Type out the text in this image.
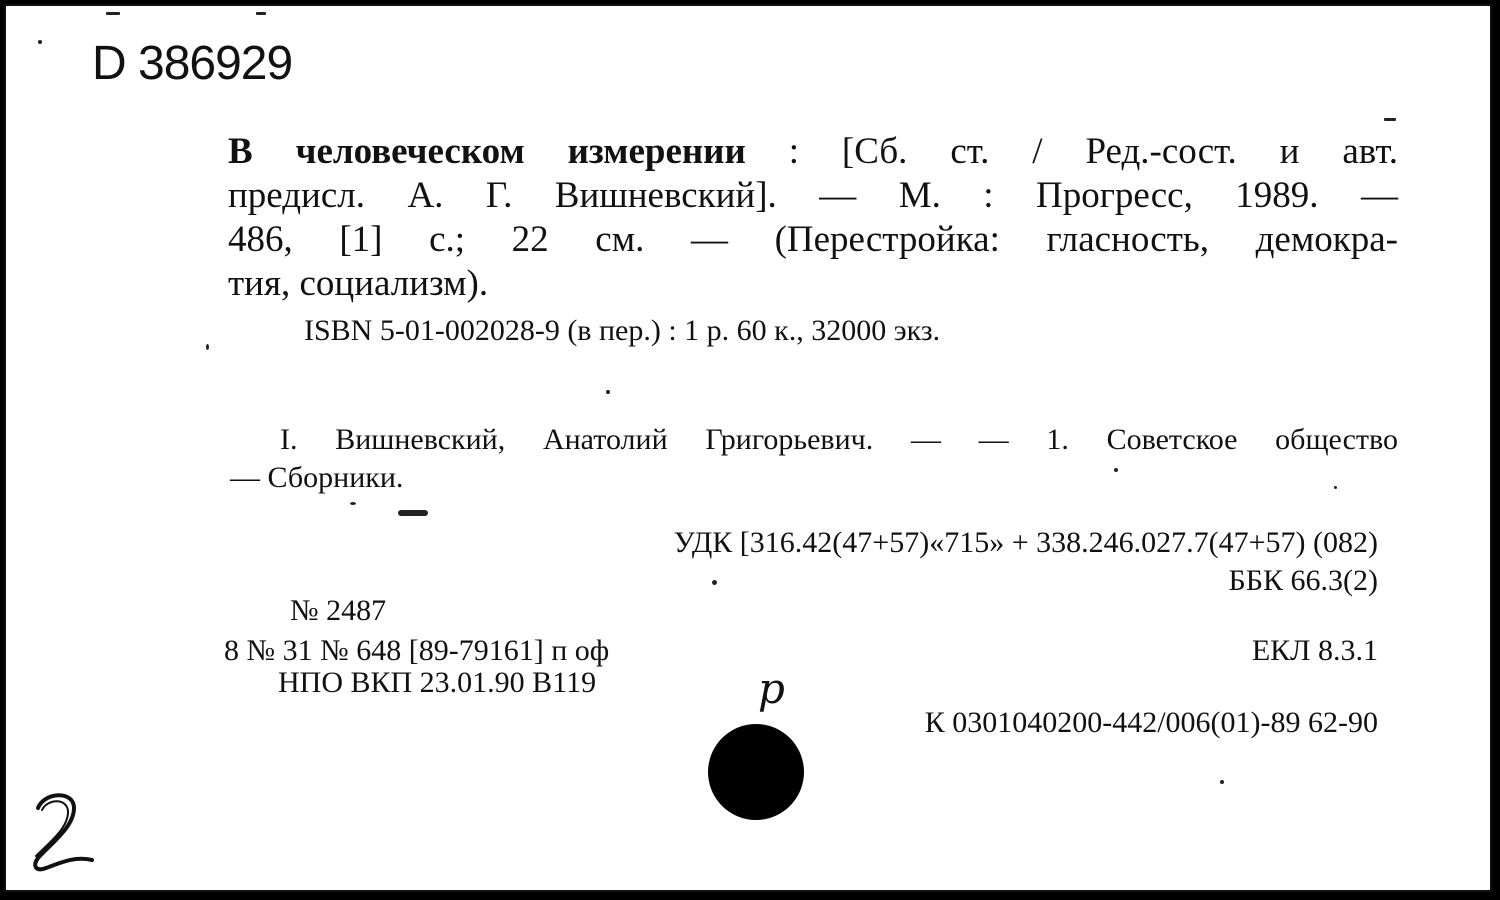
D 386929
В человеческом измерении : [Сб. ст. / Ред.-сост. и авт.
предисл. А. Г. Вишневский]. — М. : Прогресс, 1989. —
486, [1] с.; 22 см. — (Перестройка: гласность, демокра-
тия, социализм).
ISBN 5-01-002028-9 (в пер.) : 1 р. 60 к., 32000 экз.
I. Вишневский, Анатолий Григорьевич. — — 1. Советское общество
— Сборники.
УДК [316.42(47+57)«715» + 338.246.027.7(47+57) (082)
ББК 66.3(2)
№ 2487
8 № 31 № 648 [89-79161] п оф	ЕКЛ 8.3.1
НПО ВКП 23.01.90 В119
К 0301040200-442/006(01)-89 62-90
р
